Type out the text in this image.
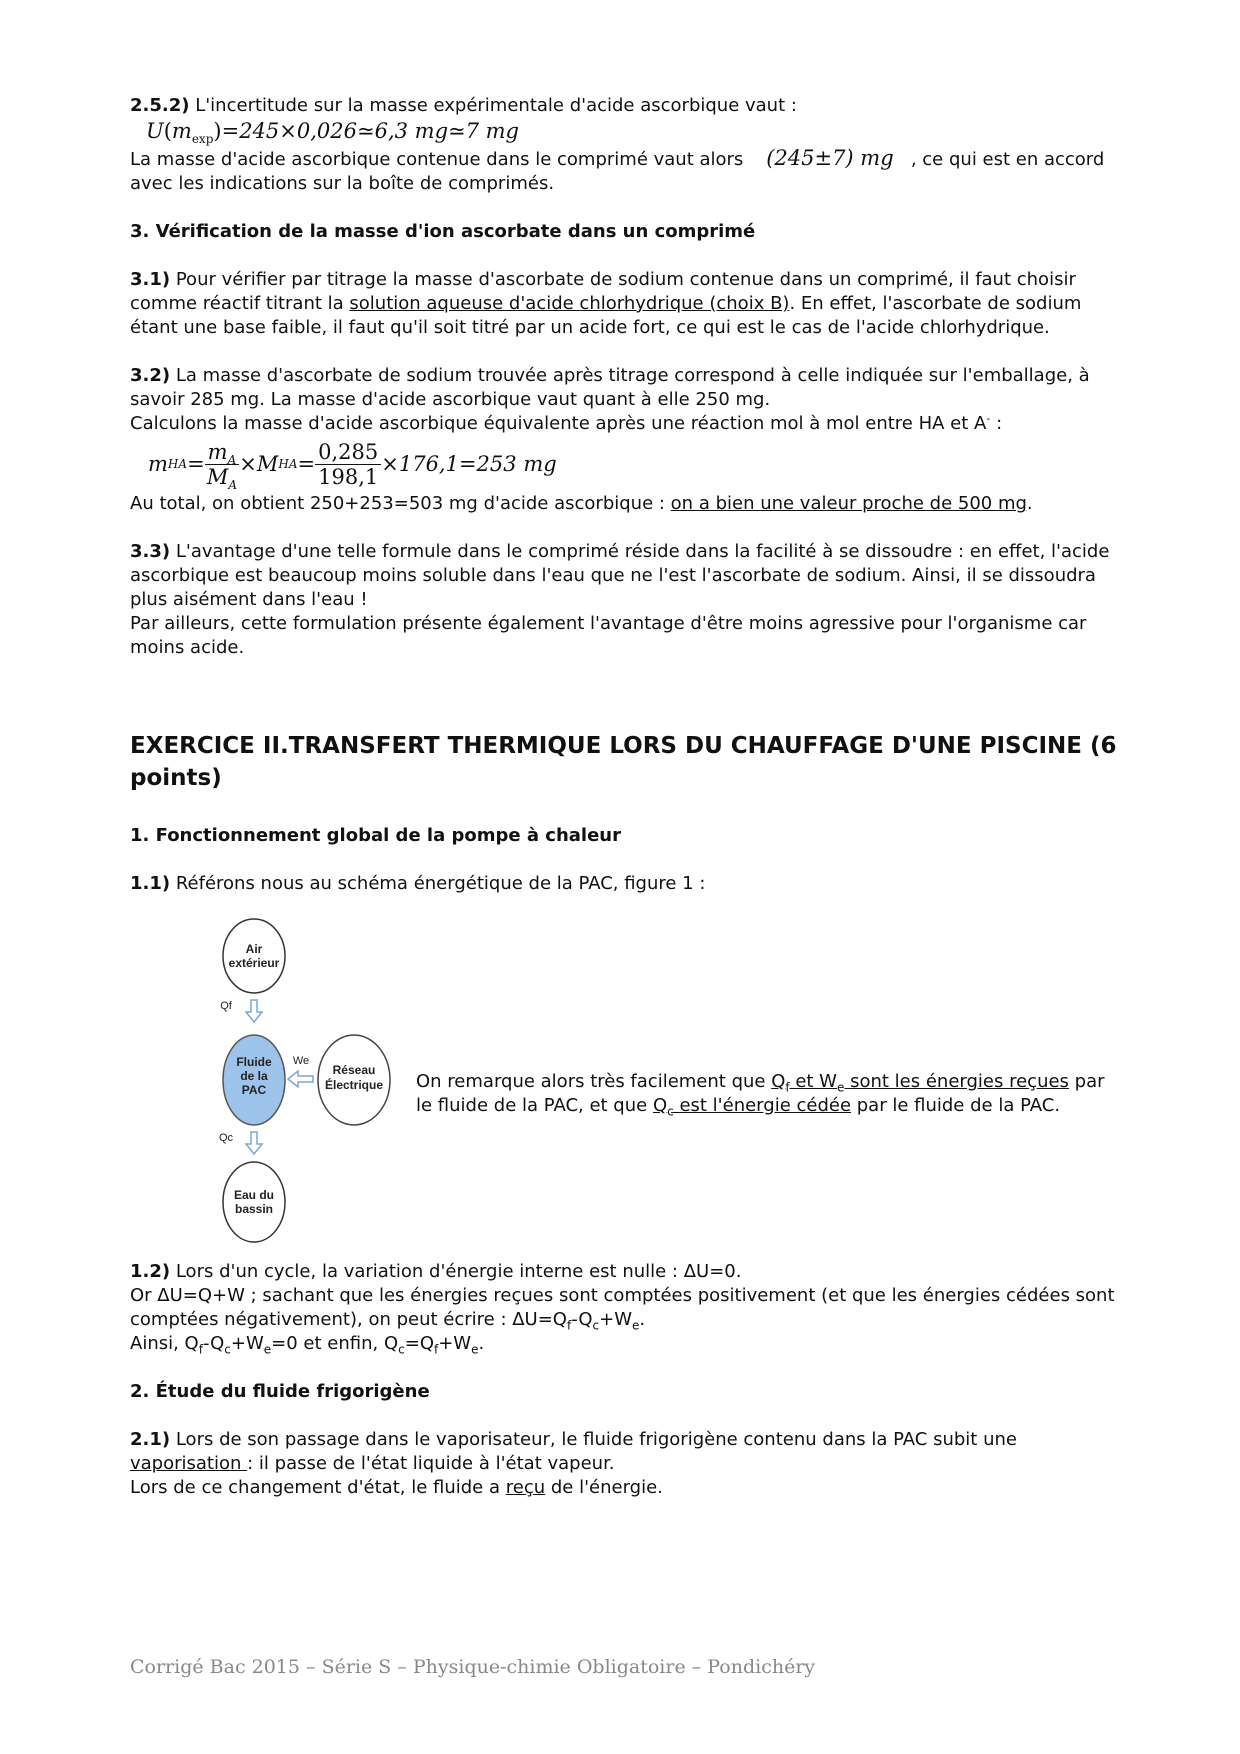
2.5.2) L'incertitude sur la masse expérimentale d'acide ascorbique vaut :

$U(m_{exp})=245\times 0,026≃6,3$ mg≃7 mg

La masse d'acide ascorbique contenue dans le comprimé vaut alors (245±7) mg , ce qui est en accord avec les indications sur la boîte de comprimés.

3. Vérification de la masse d'ion ascorbate dans un comprimé

3.1) Pour vérifier par titrage la masse d'ascorbate de sodium contenue dans un comprimé, il faut choisir comme réactif titrant la solution aqueuse d'acide chlorhydrique (choix B). En effet, l'ascorbate de sodium étant une base faible, il faut qu'il soit titré par un acide fort, ce qui est le cas de l'acide chlorhydrique.

3.2) La masse d'ascorbate de sodium trouvée après titrage correspond à celle indiquée sur l'emballage, à savoir 285 mg. La masse d'acide ascorbique vaut quant à elle 250 mg.

Calculons la masse d'acide ascorbique équivalente après une réaction mol à mol entre HA et A- :

m HA = $\frac{m_A}{M_A} \times M$ HA = $\frac{0,285}{198,1} \times 176,1=253$ mg

Au total, on obtient 250+253=503 mg d'acide ascorbique : on a bien une valeur proche de 500 mg.

3.3) L'avantage d'une telle formule dans le comprimé réside dans la facilité à se dissoudre : en effet, l'acide ascorbique est beaucoup moins soluble dans l'eau que ne l'est l'ascorbate de sodium. Ainsi, il se dissoudra plus aisément dans l'eau !

Par ailleurs, cette formulation présente également l'avantage d'être moins agressive pour l'organisme car moins acide.

EXERCICE II.TRANSFERT THERMIQUE LORS DU CHAUFFAGE D'UNE PISCINE (6 points)

1. Fonctionnement global de la pompe à chaleur

1.1) Référons nous au schéma énergétique de la PAC, figure 1 :

Air
extérieur
Qf
Fluide
de la
PAC
We
Réseau
Électrique
Qc
Eau du
bassin

On remarque alors très facilement que $Q_f$ et $W_e$ sont les énergies reçues par le fluide de la PAC, et que $Q_c$ est l'énergie cédée par le fluide de la PAC.

1.2) Lors d'un cycle, la variation d'énergie interne est nulle : ΔU=0.

Or ΔU=Q+W ; sachant que les énergies reçues sont comptées positivement (et que les énergies cédées sont comptées négativement), on peut écrire : $\Delta U=Q_f-Q_c+W_e$.

Ainsi, $Q_f-Q_c+W_e=0$ et enfin, $Q_c=Q_f+W_e$.

2. Étude du fluide frigorigène

2.1) Lors de son passage dans le vaporisateur, le fluide frigorigène contenu dans la PAC subit une vaporisation : il passe de l'état liquide à l'état vapeur.

Lors de ce changement d'état, le fluide a reçu de l'énergie.

Corrigé Bac 2015 – Série S – Physique-chimie Obligatoire – Pondichéry
